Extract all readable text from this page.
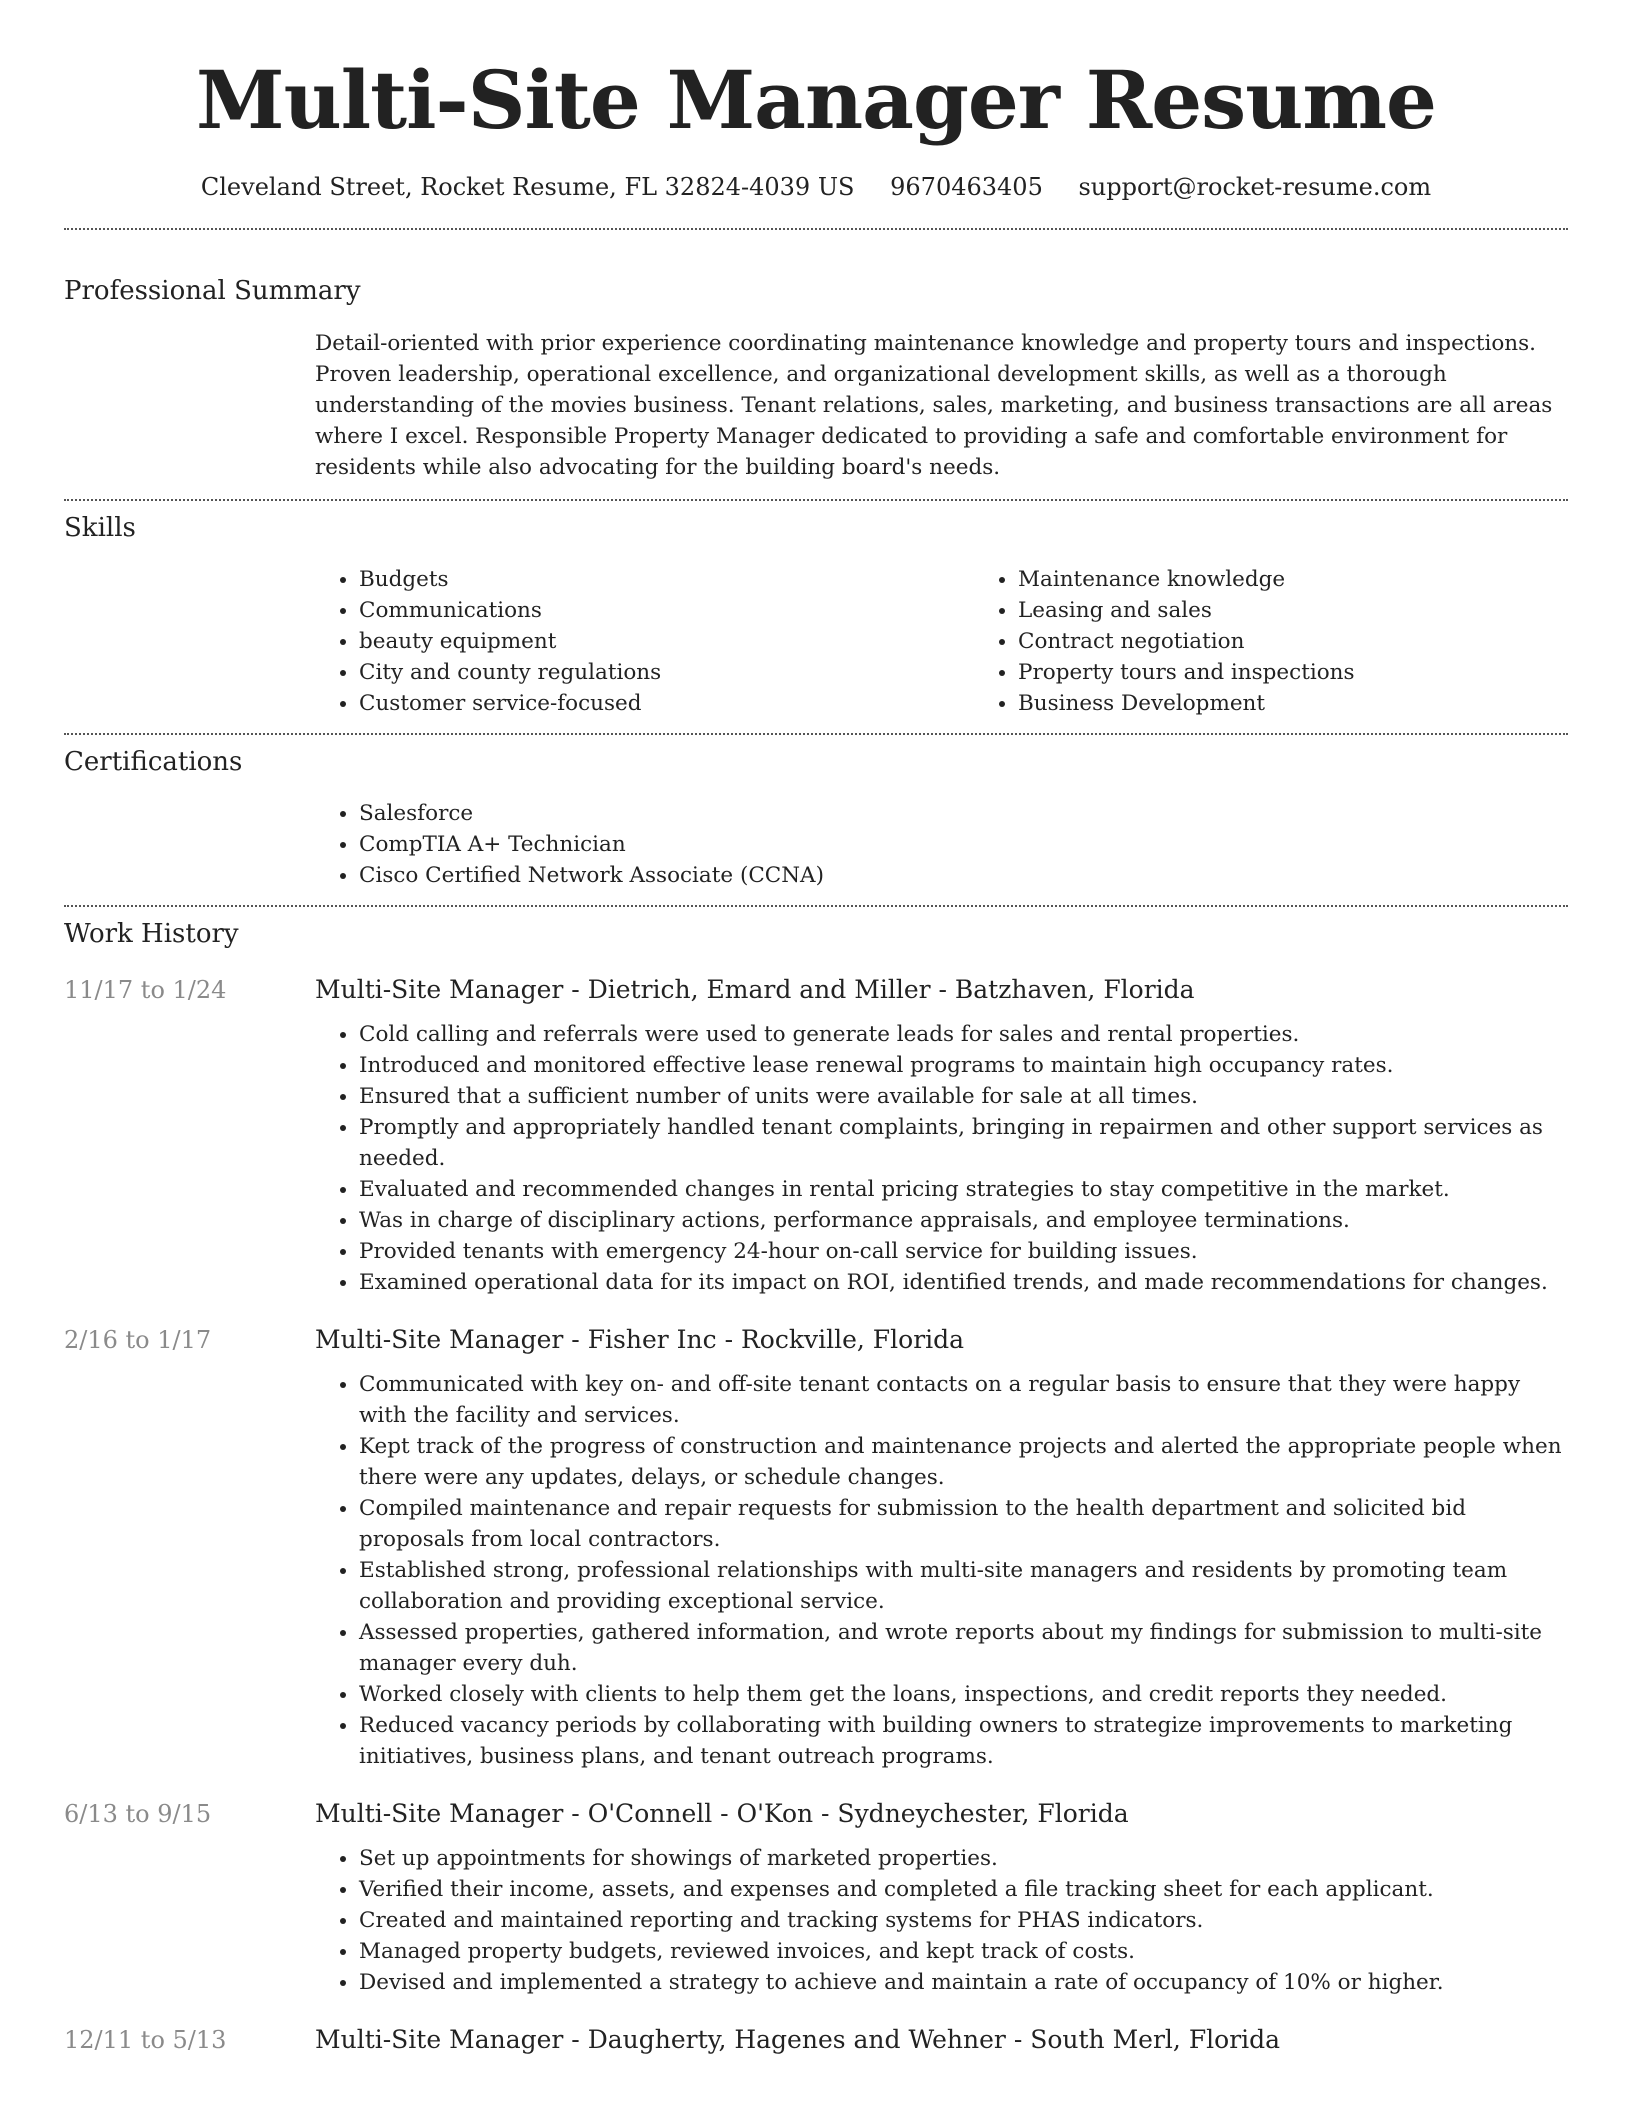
Multi-Site Manager Resume
Cleveland Street, Rocket Resume, FL 32824-4039 US 9670463405 support@rocket-resume.com
Professional Summary
Detail-oriented with prior experience coordinating maintenance knowledge and property tours and inspections. Proven leadership, operational excellence, and organizational development skills, as well as a thorough understanding of the movies business. Tenant relations, sales, marketing, and business transactions are all areas where I excel. Responsible Property Manager dedicated to providing a safe and comfortable environment for residents while also advocating for the building board's needs.
Skills
• Budgets
• Communications
• beauty equipment
• City and county regulations
• Customer service-focused
• Maintenance knowledge
• Leasing and sales
• Contract negotiation
• Property tours and inspections
• Business Development
Certifications
• Salesforce
• CompTIA A+ Technician
• Cisco Certified Network Associate (CCNA)
Work History
11/17 to 1/24	Multi-Site Manager - Dietrich, Emard and Miller - Batzhaven, Florida
• Cold calling and referrals were used to generate leads for sales and rental properties.
• Introduced and monitored effective lease renewal programs to maintain high occupancy rates.
• Ensured that a sufficient number of units were available for sale at all times.
• Promptly and appropriately handled tenant complaints, bringing in repairmen and other support services as needed.
• Evaluated and recommended changes in rental pricing strategies to stay competitive in the market.
• Was in charge of disciplinary actions, performance appraisals, and employee terminations.
• Provided tenants with emergency 24-hour on-call service for building issues.
• Examined operational data for its impact on ROI, identified trends, and made recommendations for changes.
2/16 to 1/17	Multi-Site Manager - Fisher Inc - Rockville, Florida
• Communicated with key on- and off-site tenant contacts on a regular basis to ensure that they were happy with the facility and services.
• Kept track of the progress of construction and maintenance projects and alerted the appropriate people when there were any updates, delays, or schedule changes.
• Compiled maintenance and repair requests for submission to the health department and solicited bid proposals from local contractors.
• Established strong, professional relationships with multi-site managers and residents by promoting team collaboration and providing exceptional service.
• Assessed properties, gathered information, and wrote reports about my findings for submission to multi-site manager every duh.
• Worked closely with clients to help them get the loans, inspections, and credit reports they needed.
• Reduced vacancy periods by collaborating with building owners to strategize improvements to marketing initiatives, business plans, and tenant outreach programs.
6/13 to 9/15	Multi-Site Manager - O'Connell - O'Kon - Sydneychester, Florida
• Set up appointments for showings of marketed properties.
• Verified their income, assets, and expenses and completed a file tracking sheet for each applicant.
• Created and maintained reporting and tracking systems for PHAS indicators.
• Managed property budgets, reviewed invoices, and kept track of costs.
• Devised and implemented a strategy to achieve and maintain a rate of occupancy of 10% or higher.
12/11 to 5/13	Multi-Site Manager - Daugherty, Hagenes and Wehner - South Merl, Florida
